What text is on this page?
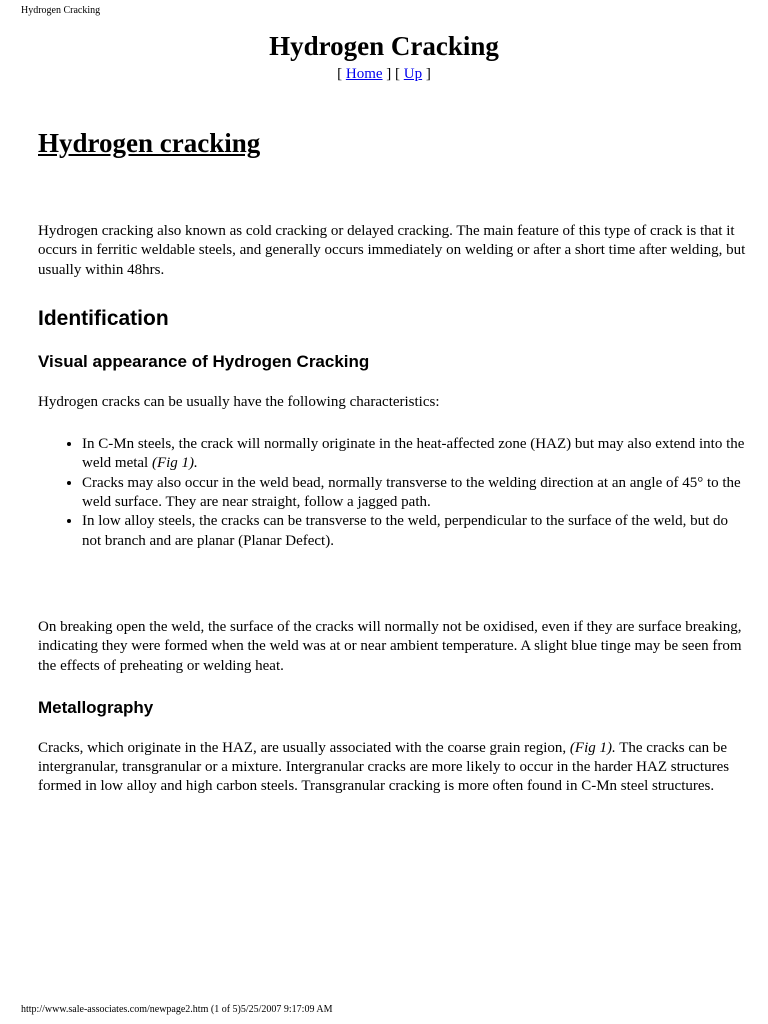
Hydrogen Cracking
Hydrogen Cracking
[ Home ] [ Up ]
Hydrogen cracking

Hydrogen cracking also known as cold cracking or delayed cracking. The main feature of this type of crack is that it occurs in ferritic weldable steels, and generally occurs immediately on welding or after a short time after welding, but usually within 48hrs.

Identification
Visual appearance of Hydrogen Cracking

Hydrogen cracks can be usually have the following characteristics:

• In C-Mn steels, the crack will normally originate in the heat-affected zone (HAZ) but may also extend into the weld metal (Fig 1).
• Cracks may also occur in the weld bead, normally transverse to the welding direction at an angle of 45° to the weld surface. They are near straight, follow a jagged path.
• In low alloy steels, the cracks can be transverse to the weld, perpendicular to the surface of the weld, but do not branch and are planar (Planar Defect).

On breaking open the weld, the surface of the cracks will normally not be oxidised, even if they are surface breaking, indicating they were formed when the weld was at or near ambient temperature. A slight blue tinge may be seen from the effects of preheating or welding heat.

Metallography

Cracks, which originate in the HAZ, are usually associated with the coarse grain region, (Fig 1). The cracks can be intergranular, transgranular or a mixture. Intergranular cracks are more likely to occur in the harder HAZ structures formed in low alloy and high carbon steels. Transgranular cracking is more often found in C-Mn steel structures.

http://www.sale-associates.com/newpage2.htm (1 of 5)5/25/2007 9:17:09 AM
